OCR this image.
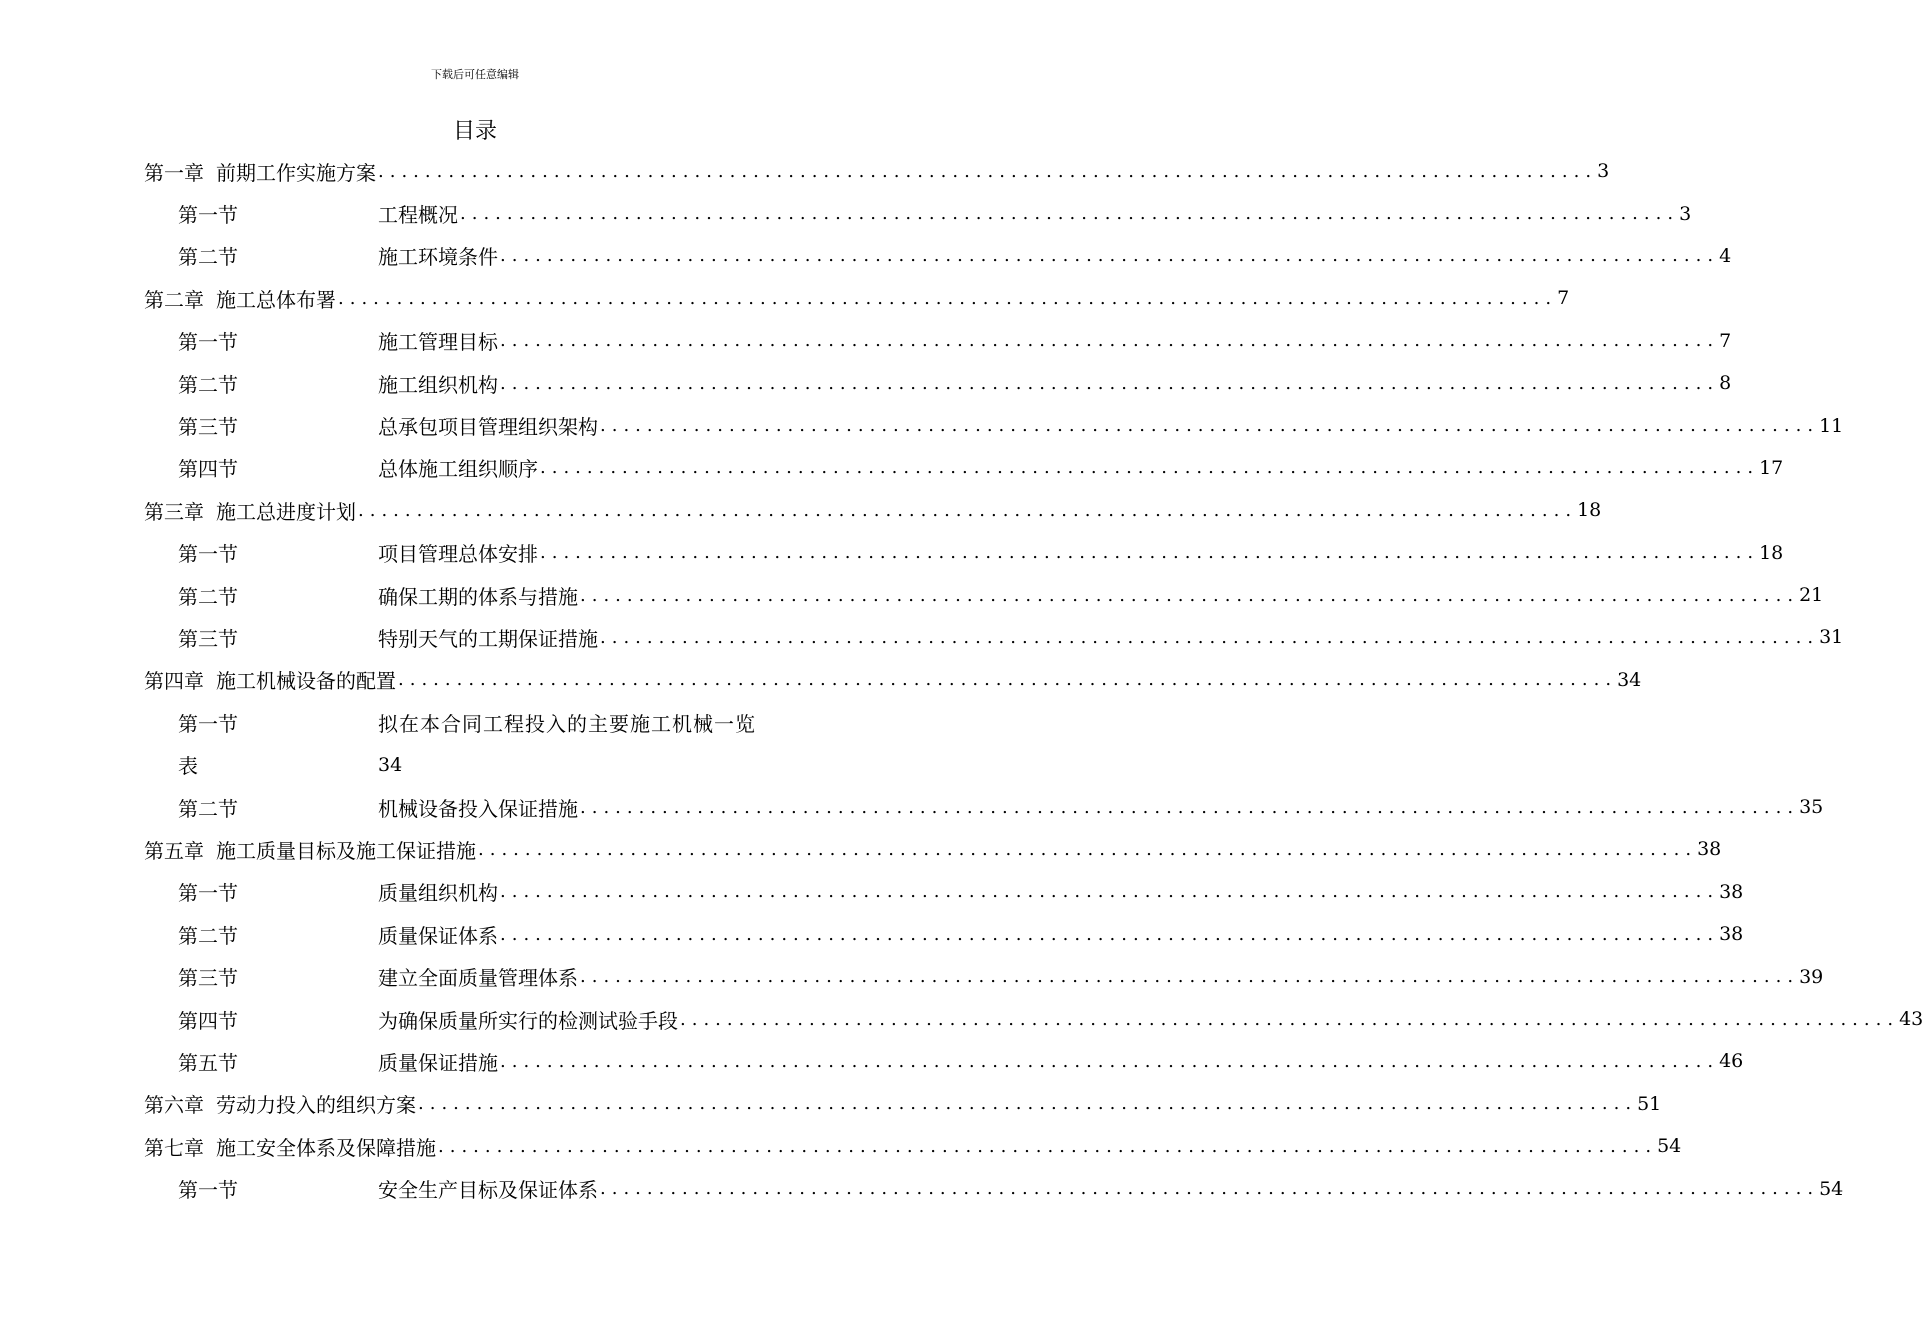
下载后可任意编辑
目录
第一章 前期工作实施方案 ........................................................................................................ 3
第一节	工程概况 ........................................................................................................ 3
第二节	施工环境条件 ........................................................................................................ 4
第二章 施工总体布署 ........................................................................................................ 7
第一节	施工管理目标 ........................................................................................................ 7
第二节	施工组织机构 ........................................................................................................ 8
第三节	总承包项目管理组织架构 ........................................................................................................ 11
第四节	总体施工组织顺序 ........................................................................................................ 17
第三章 施工总进度计划 ........................................................................................................ 18
第一节	项目管理总体安排 ........................................................................................................ 18
第二节	确保工期的体系与措施 ........................................................................................................ 21
第三节	特别天气的工期保证措施 ........................................................................................................ 31
第四章 施工机械设备的配置 ........................................................................................................ 34
第一节	拟在本合同工程投入的主要施工机械一览
表	34
第二节	机械设备投入保证措施 ........................................................................................................ 35
第五章 施工质量目标及施工保证措施 ........................................................................................................ 38
第一节	质量组织机构 ........................................................................................................ 38
第二节	质量保证体系 ........................................................................................................ 38
第三节	建立全面质量管理体系 ........................................................................................................ 39
第四节	为确保质量所实行的检测试验手段 ........................................................................................................ 43
第五节	质量保证措施 ........................................................................................................ 46
第六章 劳动力投入的组织方案 ........................................................................................................ 51
第七章 施工安全体系及保障措施 ........................................................................................................ 54
第一节	安全生产目标及保证体系 ........................................................................................................ 54
